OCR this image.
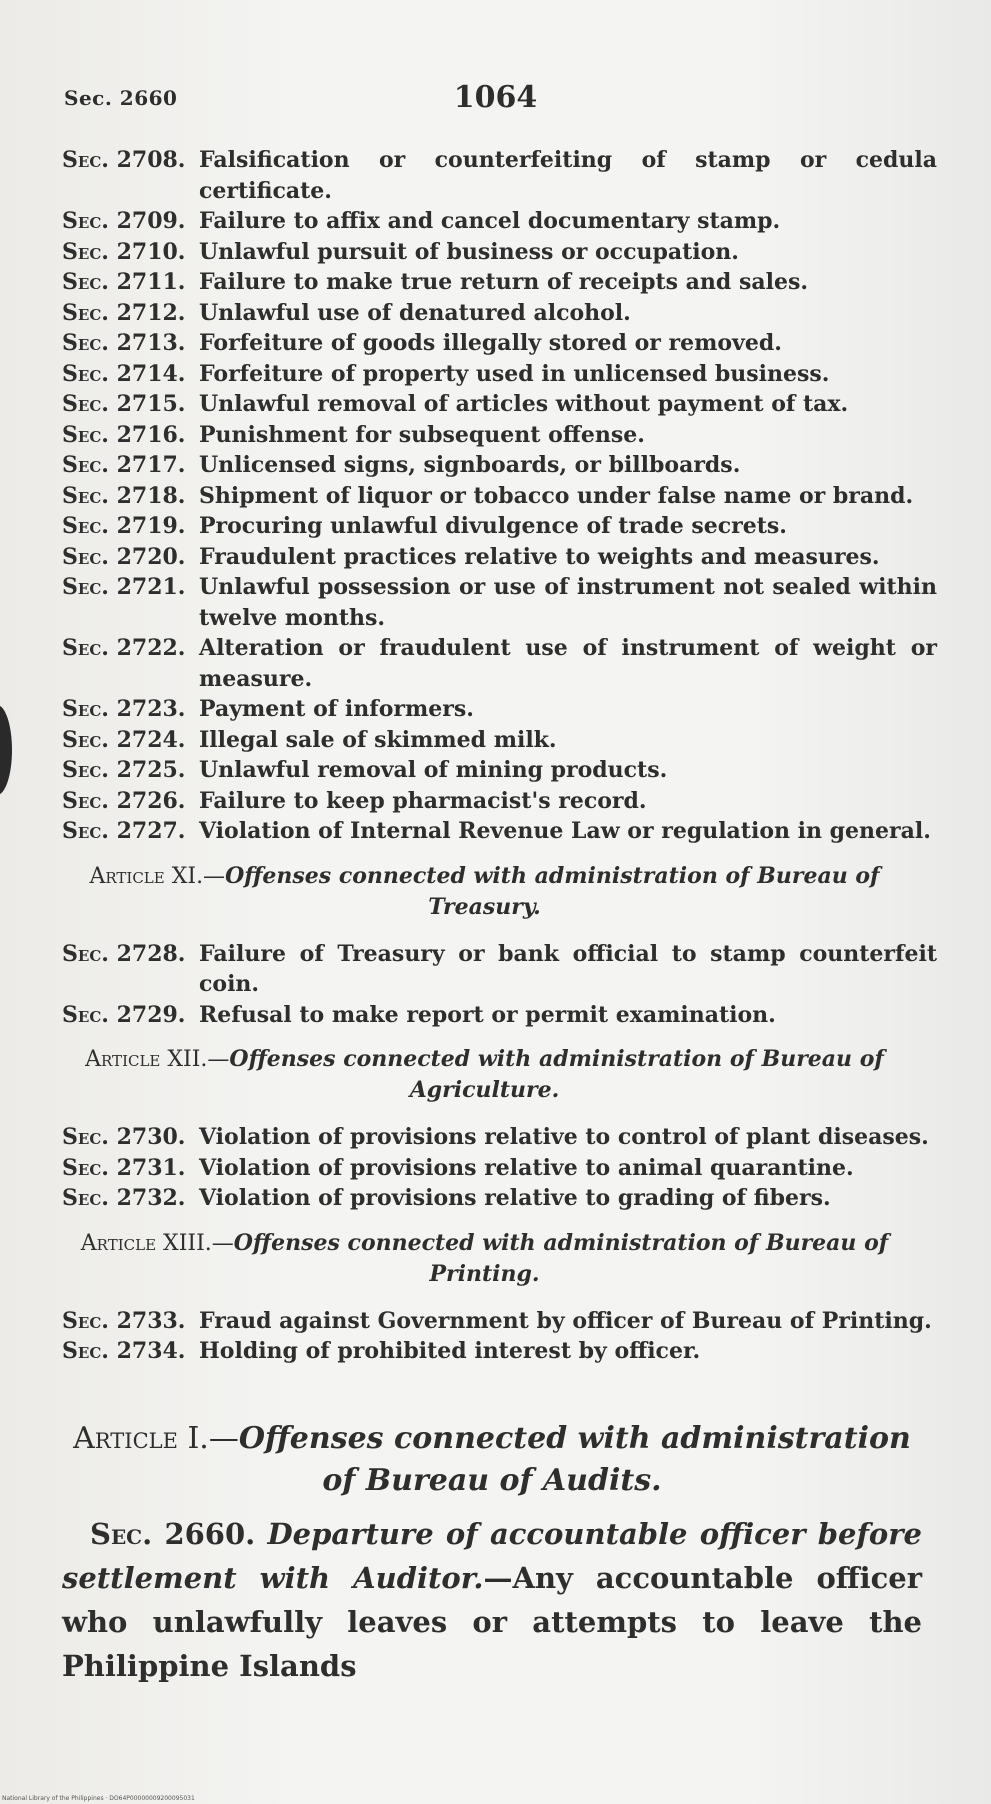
Sec. 2660	1064
Sec. 2708. Falsification or counterfeiting of stamp or cedula certificate.
Sec. 2709. Failure to affix and cancel documentary stamp.
Sec. 2710. Unlawful pursuit of business or occupation.
Sec. 2711. Failure to make true return of receipts and sales.
Sec. 2712. Unlawful use of denatured alcohol.
Sec. 2713. Forfeiture of goods illegally stored or removed.
Sec. 2714. Forfeiture of property used in unlicensed business.
Sec. 2715. Unlawful removal of articles without payment of tax.
Sec. 2716. Punishment for subsequent offense.
Sec. 2717. Unlicensed signs, signboards, or billboards.
Sec. 2718. Shipment of liquor or tobacco under false name or brand.
Sec. 2719. Procuring unlawful divulgence of trade secrets.
Sec. 2720. Fraudulent practices relative to weights and measures.
Sec. 2721. Unlawful possession or use of instrument not sealed within twelve months.
Sec. 2722. Alteration or fraudulent use of instrument of weight or measure.
Sec. 2723. Payment of informers.
Sec. 2724. Illegal sale of skimmed milk.
Sec. 2725. Unlawful removal of mining products.
Sec. 2726. Failure to keep pharmacist's record.
Sec. 2727. Violation of Internal Revenue Law or regulation in general.
Article XI.—Offenses connected with administration of Bureau of Treasury.
Sec. 2728. Failure of Treasury or bank official to stamp counterfeit coin.
Sec. 2729. Refusal to make report or permit examination.
Article XII.—Offenses connected with administration of Bureau of Agriculture.
Sec. 2730. Violation of provisions relative to control of plant diseases.
Sec. 2731. Violation of provisions relative to animal quarantine.
Sec. 2732. Violation of provisions relative to grading of fibers.
Article XIII.—Offenses connected with administration of Bureau of Printing.
Sec. 2733. Fraud against Government by officer of Bureau of Printing.
Sec. 2734. Holding of prohibited interest by officer.
Article I.—Offenses connected with administration of Bureau of Audits.
Sec. 2660. Departure of accountable officer before settlement with Auditor.—Any accountable officer who unlawfully leaves or attempts to leave the Philippine Islands
National Library of the Philippines · DO64P00000009200095031
